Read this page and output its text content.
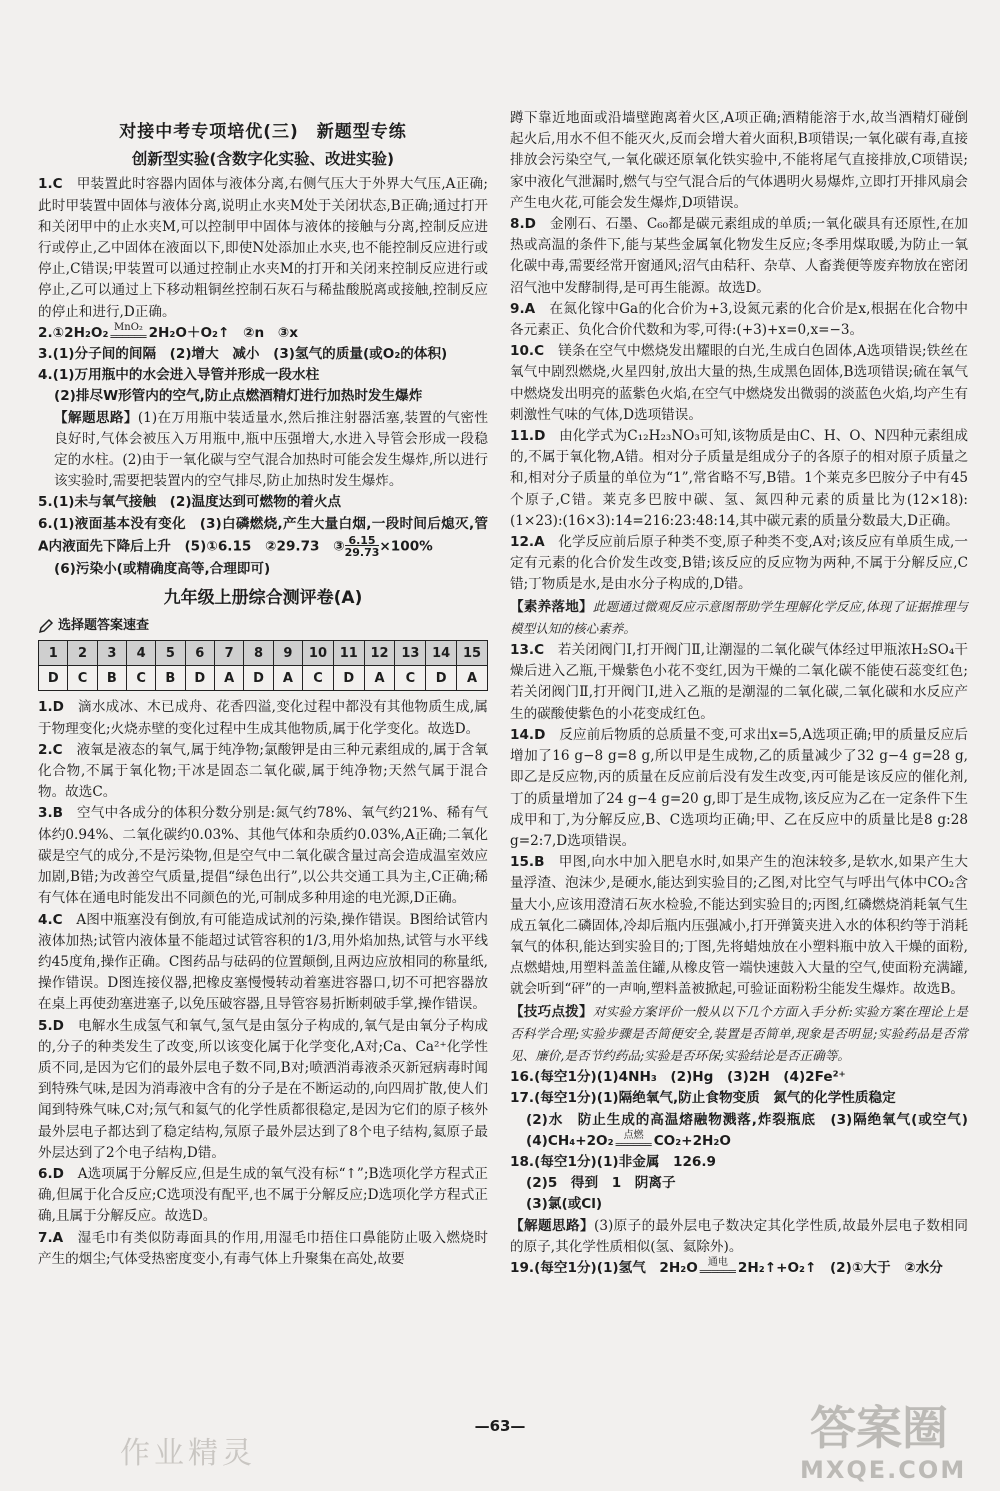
对接中考专项培优(三)　新题型专练
创新型实验(含数字化实验、改进实验)

1.C　甲装置此时容器内固体与液体分离,右侧气压大于外界大气压,A正确;此时甲装置中固体与液体分离,说明止水夹M处于关闭状态,B正确;通过打开和关闭甲中的止水夹M,可以控制甲中固体与液体的接触与分离,控制反应进行或停止,乙中固体在液面以下,即使N处添加止水夹,也不能控制反应进行或停止,C错误;甲装置可以通过控制止水夹M的打开和关闭来控制反应进行或停止,乙可以通过上下移动粗铜丝控制石灰石与稀盐酸脱离或接触,控制反应的停止和进行,D正确。

2.①2H₂O₂ MnO₂
══════ 2H₂O＋O₂↑　②n　③x

3.(1)分子间的间隔　(2)增大　减小　(3)氢气的质量(或O₂的体积)

4.(1)万用瓶中的水会进入导管并形成一段水柱

(2)排尽W形管内的空气,防止点燃酒精灯进行加热时发生爆炸

【解题思路】(1)在万用瓶中装适量水,然后推注射器活塞,装置的气密性良好时,气体会被压入万用瓶中,瓶中压强增大,水进入导管会形成一段稳定的水柱。(2)由于一氧化碳与空气混合加热时可能会发生爆炸,所以进行该实验时,需要把装置内的空气排尽,防止加热时发生爆炸。

5.(1)未与氧气接触　(2)温度达到可燃物的着火点

6.(1)液面基本没有变化　(3)白磷燃烧,产生大量白烟,一段时间后熄灭,管A内液面先下降后上升　(5)①6.15　②29.73　$③\frac{6.15}{29.73}\times 100\%$

(6)污染小(或精确度高等,合理即可)

九年级上册综合测评卷(A)
选择题答案速查
1	2	3	4	5	6	7	8	9	10	11	12	13	14	15
D	C	B	C	B	D	A	D	A	C	D	A	C	D	A

1.D　滴水成冰、木已成舟、花香四溢,变化过程中都没有其他物质生成,属于物理变化;火烧赤壁的变化过程中生成其他物质,属于化学变化。故选D。

2.C　液氧是液态的氧气,属于纯净物;氯酸钾是由三种元素组成的,属于含氧化合物,不属于氧化物;干冰是固态二氧化碳,属于纯净物;天然气属于混合物。故选C。

3.B　空气中各成分的体积分数分别是:氮气约78%、氧气约21%、稀有气体约0.94%、二氧化碳约0.03%、其他气体和杂质约0.03%,A正确;二氧化碳是空气的成分,不是污染物,但是空气中二氧化碳含量过高会造成温室效应加剧,B错;为改善空气质量,提倡“绿色出行”,以公共交通工具为主,C正确;稀有气体在通电时能发出不同颜色的光,可制成多种用途的电光源,D正确。

4.C　A图中瓶塞没有倒放,有可能造成试剂的污染,操作错误。B图给试管内液体加热;试管内液体量不能超过试管容积的1/3,用外焰加热,试管与水平线约45度角,操作正确。C图药品与砝码的位置颠倒,且两边应放相同的称量纸,操作错误。D图连接仪器,把橡皮塞慢慢转动着塞进容器口,切不可把容器放在桌上再使劲塞进塞子,以免压破容器,且导管容易折断刺破手掌,操作错误。

5.D　电解水生成氢气和氧气,氢气是由氢分子构成的,氧气是由氧分子构成的,分子的种类发生了改变,所以该变化属于化学变化,A对;Ca、Ca²⁺化学性质不同,是因为它们的最外层电子数不同,B对;喷洒消毒液杀灭新冠病毒时闻到特殊气味,是因为消毒液中含有的分子是在不断运动的,向四周扩散,使人们闻到特殊气味,C对;氖气和氦气的化学性质都很稳定,是因为它们的原子核外最外层电子都达到了稳定结构,氖原子最外层达到了8个电子结构,氦原子最外层达到了2个电子结构,D错。

6.D　A选项属于分解反应,但是生成的氧气没有标“↑”;B选项化学方程式正确,但属于化合反应;C选项没有配平,也不属于分解反应;D选项化学方程式正确,且属于分解反应。故选D。

7.A　湿毛巾有类似防毒面具的作用,用湿毛巾捂住口鼻能防止吸入燃烧时产生的烟尘;气体受热密度变小,有毒气体上升聚集在高处,故要

蹲下靠近地面或沿墙壁跑离着火区,A项正确;酒精能溶于水,故当酒精灯碰倒起火后,用水不但不能灭火,反而会增大着火面积,B项错误;一氧化碳有毒,直接排放会污染空气,一氧化碳还原氧化铁实验中,不能将尾气直接排放,C项错误;家中液化气泄漏时,燃气与空气混合后的气体遇明火易爆炸,立即打开排风扇会产生电火花,可能会发生爆炸,D项错误。

8.D　金刚石、石墨、C₆₀都是碳元素组成的单质;一氧化碳具有还原性,在加热或高温的条件下,能与某些金属氧化物发生反应;冬季用煤取暖,为防止一氧化碳中毒,需要经常开窗通风;沼气由秸秆、杂草、人畜粪便等废弃物放在密闭沼气池中发酵制得,是可再生能源。故选D。

9.A　在氮化镓中Ga的化合价为+3,设氮元素的化合价是x,根据在化合物中各元素正、负化合价代数和为零,可得:(+3)+x=0,x=−3。

10.C　镁条在空气中燃烧发出耀眼的白光,生成白色固体,A选项错误;铁丝在氧气中剧烈燃烧,火星四射,放出大量的热,生成黑色固体,B选项错误;硫在氧气中燃烧发出明亮的蓝紫色火焰,在空气中燃烧发出微弱的淡蓝色火焰,均产生有刺激性气味的气体,D选项错误。

11.D　由化学式为C₁₂H₂₃NO₃可知,该物质是由C、H、O、N四种元素组成的,不属于氧化物,A错。相对分子质量是组成分子的各原子的相对原子质量之和,相对分子质量的单位为“1”,常省略不写,B错。1个莱克多巴胺分子中有45个原子,C错。莱克多巴胺中碳、氢、氮四种元素的质量比为(12×18):(1×23):(16×3):14=216:23:48:14,其中碳元素的质量分数最大,D正确。

12.A　化学反应前后原子种类不变,原子种类不变,A对;该反应有单质生成,一定有元素的化合价发生改变,B错;该反应的反应物为两种,不属于分解反应,C错;丁物质是水,是由水分子构成的,D错。

【素养落地】此题通过微观反应示意图帮助学生理解化学反应,体现了证据推理与模型认知的核心素养。

13.C　若关闭阀门Ⅰ,打开阀门Ⅱ,让潮湿的二氧化碳气体经过甲瓶浓H₂SO₄干燥后进入乙瓶,干燥紫色小花不变红,因为干燥的二氧化碳不能使石蕊变红色;若关闭阀门Ⅱ,打开阀门Ⅰ,进入乙瓶的是潮湿的二氧化碳,二氧化碳和水反应产生的碳酸使紫色的小花变成红色。

14.D　反应前后物质的总质量不变,可求出x=5,A选项正确;甲的质量反应后增加了16 g−8 g=8 g,所以甲是生成物,乙的质量减少了32 g−4 g=28 g,即乙是反应物,丙的质量在反应前后没有发生改变,丙可能是该反应的催化剂,丁的质量增加了24 g−4 g=20 g,即丁是生成物,该反应为乙在一定条件下生成甲和丁,为分解反应,B、C选项均正确;甲、乙在反应中的质量比是8 g:28 g=2:7,D选项错误。

15.B　甲图,向水中加入肥皂水时,如果产生的泡沫较多,是软水,如果产生大量浮渣、泡沫少,是硬水,能达到实验目的;乙图,对比空气与呼出气体中CO₂含量大小,应该用澄清石灰水检验,不能达到实验目的;丙图,红磷燃烧消耗氧气生成五氧化二磷固体,冷却后瓶内压强减小,打开弹簧夹进入水的体积约等于消耗氧气的体积,能达到实验目的;丁图,先将蜡烛放在小塑料瓶中放入干燥的面粉,点燃蜡烛,用塑料盖盖住罐,从橡皮管一端快速鼓入大量的空气,使面粉充满罐,就会听到“砰”的一声响,塑料盖被掀起,可验证面粉粉尘能发生爆炸。故选B。

【技巧点拨】对实验方案评价一般从以下几个方面入手分析:实验方案在理论上是否科学合理;实验步骤是否简便安全,装置是否简单,现象是否明显;实验药品是否常见、廉价,是否节约药品;实验是否环保;实验结论是否正确等。

16.(每空1分)(1)4NH₃　(2)Hg　(3)2H　(4)2Fe²⁺

17.(每空1分)(1)隔绝氧气,防止食物变质　氮气的化学性质稳定

(2)水　防止生成的高温熔融物溅落,炸裂瓶底　(3)隔绝氧气(或空气)　(4)CH₄+2O₂ 点燃
══════ CO₂+2H₂O

18.(每空1分)(1)非金属　126.9

(2)5　得到　1　阴离子

(3)氯(或Cl)

【解题思路】(3)原子的最外层电子数决定其化学性质,故最外层电子数相同的原子,其化学性质相似(氢、氦除外)。

19.(每空1分)(1)氢气　2H₂O 通电
══════ 2H₂↑+O₂↑　(2)①大于　②水分

—63—
作业精灵	答案圈
MXQE.COM
